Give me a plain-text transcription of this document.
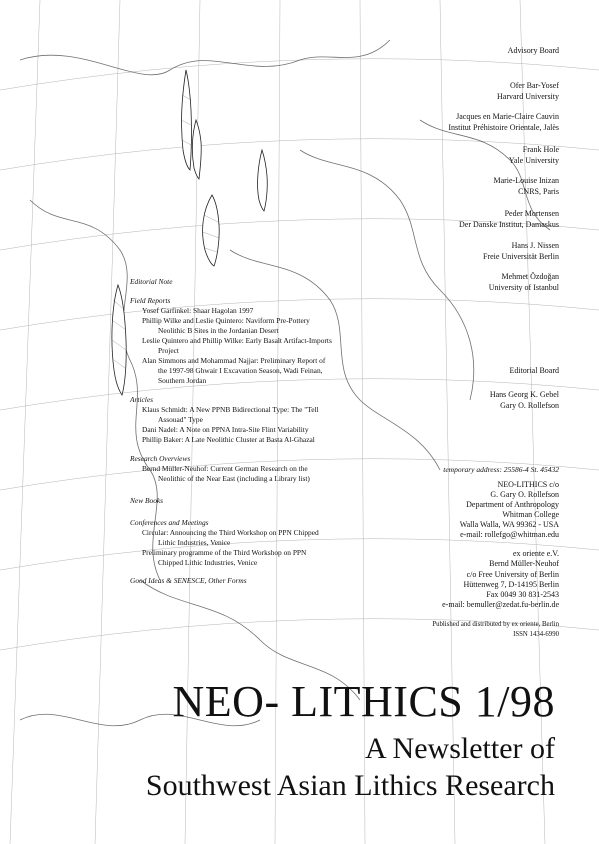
Advisory Board
Ofer Bar-Yosef
Harvard University
Jacques en Marie-Claire Cauvin
Institut Préhistoire Orientale, Jalès
Frank Hole
Yale University
Marie-Louise Inizan
CNRS, Paris
Peder Mortensen
Der Danske Institut, Damaskus
Hans J. Nissen
Freie Universität Berlin
Mehmet Özdoğan
University of Istanbul
Editorial Board
Hans Georg K. Gebel
Gary O. Rollefson
temporary address: 25586-4 St. 45432
NEO-LITHICS c/o
G. Gary O. Rollefson
Department of Anthropology
Whitman College
Walla Walla, WA 99362 - USA
e-mail: rollefgo@whitman.edu
ex oriente e.V.
Bernd Müller-Neuhof
c/o Free University of Berlin
Hüttenweg 7, D-14195 Berlin
Fax 0049 30 831-2543
e-mail: bemuller@zedat.fu-berlin.de
Published and distributed by ex oriente, Berlin
ISSN 1434-6990
Editorial Note
Field Reports
Yosef Garfinkel: Shaar Hagolan 1997
Phillip Wilke and Leslie Quintero: Naviform Pre-Pottery
Neolithic B Sites in the Jordanian Desert
Leslie Quintero and Phillip Wilke: Early Basalt Artifact-Imports
Project
Alan Simmons and Mohammad Najjar: Preliminary Report of
the 1997-98 Ghwair I Excavation Season, Wadi Feinan,
Southern Jordan
Articles
Klaus Schmidt: A New PPNB Bidirectional Type: The "Tell
Assouad" Type
Dani Nadel: A Note on PPNA Intra-Site Flint Variability
Phillip Baker: A Late Neolithic Cluster at Basta Al-Ghazal
Research Overviews
Bernd Müller-Neuhof: Current German Research on the
Neolithic of the Near East (including a Library list)
New Books
Conferences and Meetings
Circular: Announcing the Third Workshop on PPN Chipped
Lithic Industries, Venice
Preliminary programme of the Third Workshop on PPN
Chipped Lithic Industries, Venice
Good Ideas & SENESCE, Other Forms
NEO- LITHICS 1/98
A Newsletter of
Southwest Asian Lithics Research
